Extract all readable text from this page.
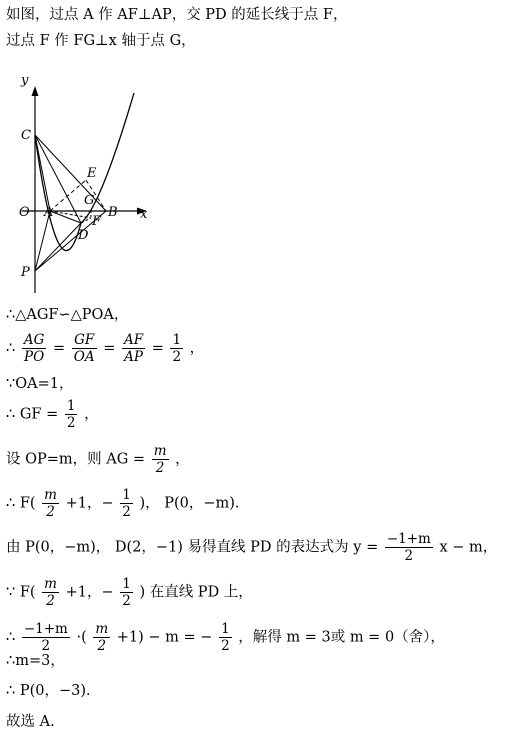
如图，过点 A 作 AF⊥AP，交 PD 的延长线于点 F，
过点 F 作 FG⊥x 轴于点 G，
y
x
C
E
G
O A	B
F
D
P
∴△AGF∽△POA，
∴ $\frac{AG}{PO} = \frac{GF}{OA} = \frac{AF}{AP} = \frac{1}{2}$ ，
∵OA=1，
∴ GF = $\frac{1}{2}$ ，
设 OP=m，则 AG = $\frac{m}{2}$ ，
∴ $F( \frac{m}{2} +1$，− $\frac{1}{2}$ )， P(0，−m)．
由 P(0，−m)， D(2，−1) 易得直线 PD 的表达式为 $y = \frac{-1+m}{2}$ x − m，
∵ $F( \frac{m}{2} +1$，− $\frac{1}{2}$ ) 在直线 PD 上，
∴ $\frac{-1+m}{2}$ ·( $\frac{m}{2} +1) - m$ = − $\frac{1}{2}$ ，解得 m = 3或 m = 0（舍），
∴m=3，
∴ P(0，−3)．
故选 A.
